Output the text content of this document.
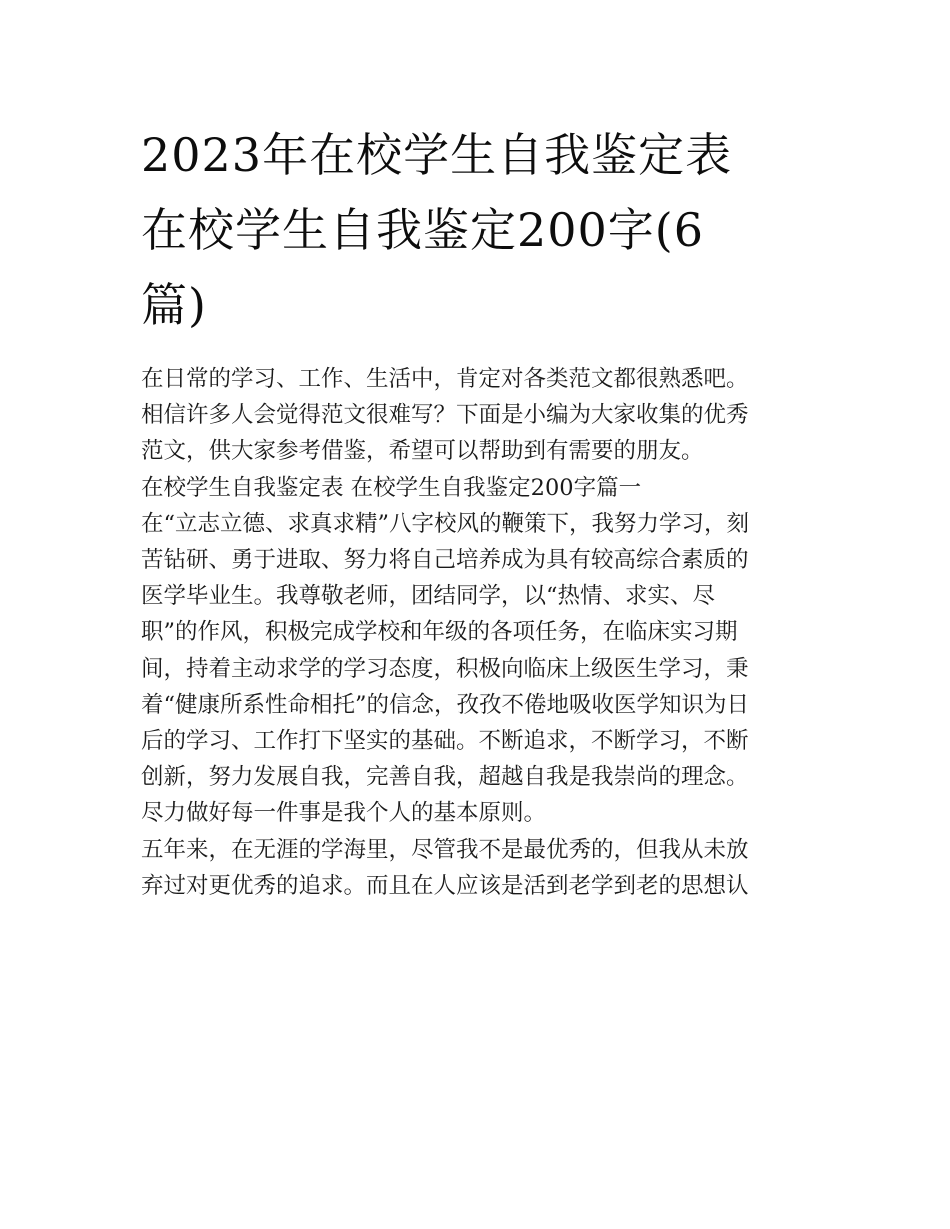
2023年在校学生自我鉴定表
在校学生自我鉴定200字(6
篇)

在日常的学习、工作、生活中，肯定对各类范文都很熟悉吧。
相信许多人会觉得范文很难写？下面是小编为大家收集的优秀
范文，供大家参考借鉴，希望可以帮助到有需要的朋友。

在校学生自我鉴定表 在校学生自我鉴定200字篇一

在“立志立德、求真求精”八字校风的鞭策下，我努力学习，刻
苦钻研、勇于进取、努力将自己培养成为具有较高综合素质的
医学毕业生。我尊敬老师，团结同学，以“热情、求实、尽
职”的作风，积极完成学校和年级的各项任务，在临床实习期
间，持着主动求学的学习态度，积极向临床上级医生学习，秉
着“健康所系性命相托”的信念，孜孜不倦地吸收医学知识为日
后的学习、工作打下坚实的基础。不断追求，不断学习，不断
创新，努力发展自我，完善自我，超越自我是我崇尚的理念。
尽力做好每一件事是我个人的基本原则。

五年来，在无涯的学海里，尽管我不是最优秀的，但我从未放
弃过对更优秀的追求。而且在人应该是活到老学到老的思想认
